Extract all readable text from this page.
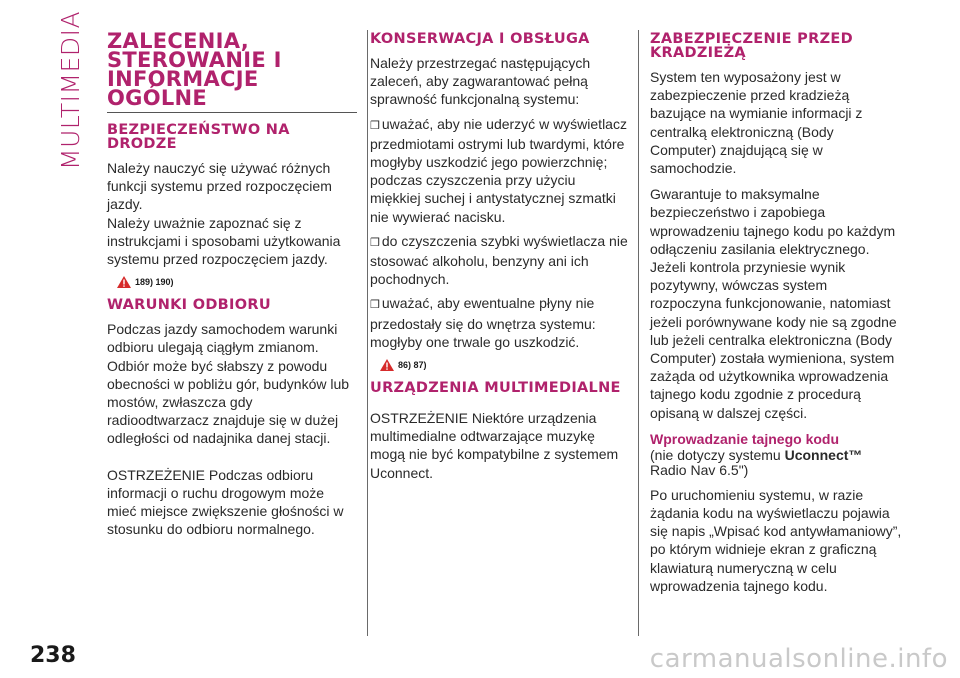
MULTIMEDIA ZALECENIA, STEROWANIE I INFORMACJE OGÓLNE
BEZPIECZEŃSTWO NA DRODZE
Należy nauczyć się używać różnych funkcji systemu przed rozpoczęciem jazdy.
Należy uważnie zapoznać się z instrukcjami i sposobami użytkowania systemu przed rozpoczęciem jazdy.
189) 190)
WARUNKI ODBIORU
Podczas jazdy samochodem warunki odbioru ulegają ciągłym zmianom. Odbiór może być słabszy z powodu obecności w pobliżu gór, budynków lub mostów, zwłaszcza gdy radioodtwarzacz znajduje się w dużej odległości od nadajnika danej stacji.
OSTRZEŻENIE Podczas odbioru informacji o ruchu drogowym może mieć miejsce zwiększenie głośności w stosunku do odbioru normalnego.
KONSERWACJA I OBSŁUGA
Należy przestrzegać następujących zaleceń, aby zagwarantować pełną sprawność funkcjonalną systemu:
❒ uważać, aby nie uderzyć w wyświetlacz przedmiotami ostrymi lub twardymi, które mogłyby uszkodzić jego powierzchnię; podczas czyszczenia przy użyciu miękkiej suchej i antystatycznej szmatki nie wywierać nacisku.
❒ do czyszczenia szybki wyświetlacza nie stosować alkoholu, benzyny ani ich pochodnych.
❒ uważać, aby ewentualne płyny nie przedostały się do wnętrza systemu: mogłyby one trwale go uszkodzić.
86) 87)
URZĄDZENIA MULTIMEDIALNE
OSTRZEŻENIE Niektóre urządzenia multimedialne odtwarzające muzykę mogą nie być kompatybilne z systemem Uconnect.
ZABEZPIECZENIE PRZED KRADZIEŻĄ
System ten wyposażony jest w zabezpieczenie przed kradzieżą bazujące na wymianie informacji z centralką elektroniczną (Body Computer) znajdującą się w samochodzie.
Gwarantuje to maksymalne bezpieczeństwo i zapobiega wprowadzeniu tajnego kodu po każdym odłączeniu zasilania elektrycznego.
Jeżeli kontrola przyniesie wynik pozytywny, wówczas system rozpoczyna funkcjonowanie, natomiast jeżeli porównywane kody nie są zgodne lub jeżeli centralka elektroniczna (Body Computer) została wymieniona, system zażąda od użytkownika wprowadzenia tajnego kodu zgodnie z procedurą opisaną w dalszej części.
Wprowadzanie tajnego kodu
(nie dotyczy systemu Uconnect™
Radio Nav 6.5")
Po uruchomieniu systemu, w razie żądania kodu na wyświetlaczu pojawia się napis „Wpisać kod antywłamaniowy”, po którym widnieje ekran z graficzną klawiaturą numeryczną w celu wprowadzenia tajnego kodu.
238	carmanualsonline.info
